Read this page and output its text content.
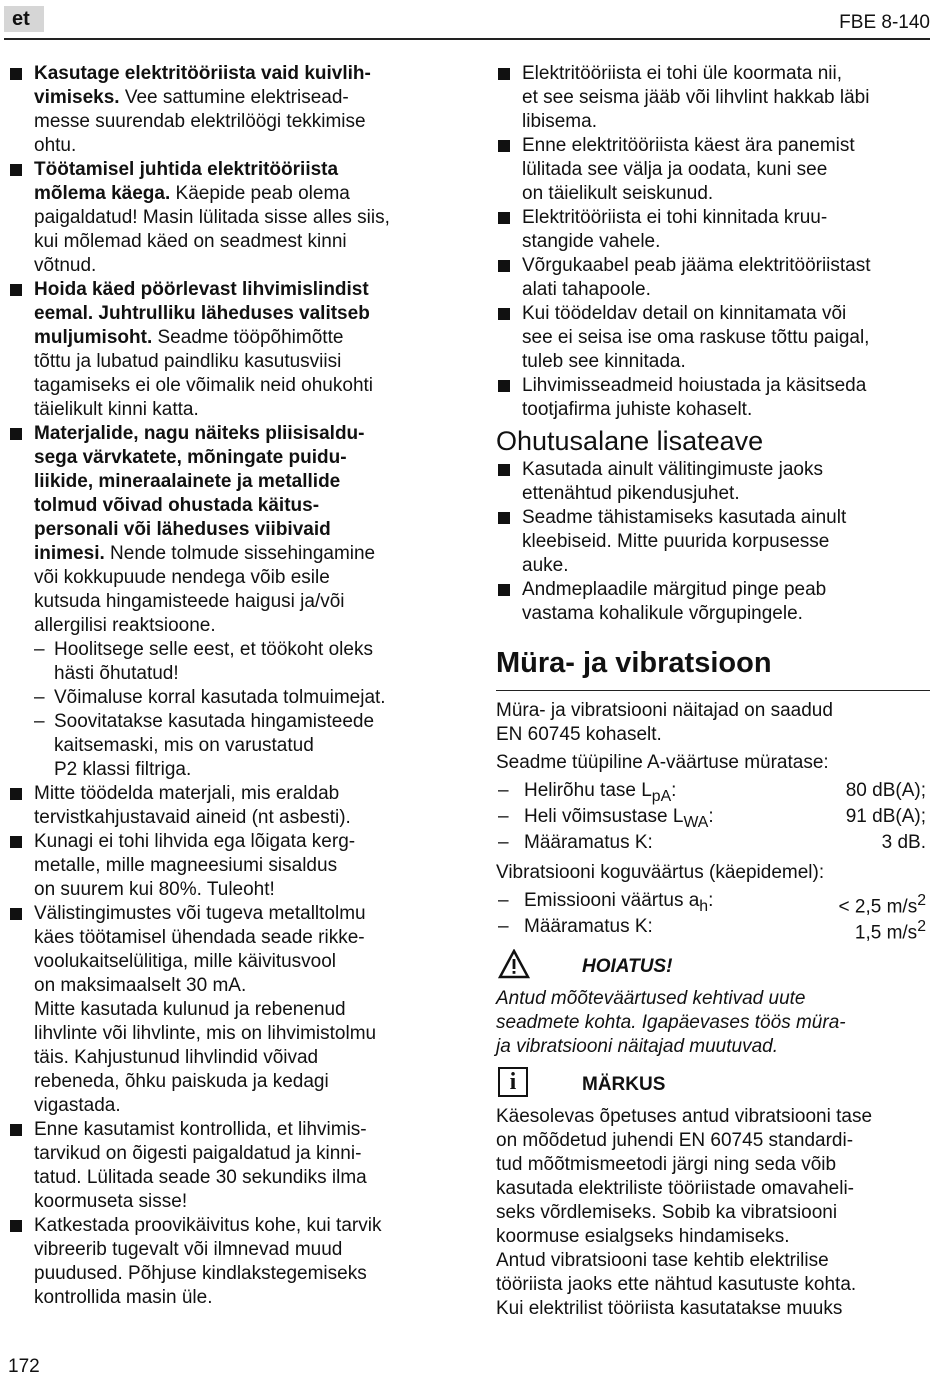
et	FBE 8-140
Kasutage elektritööriista vaid kuivlih-
vimiseks. Vee sattumine elektrisead-
messe suurendab elektrilöögi tekkimise
ohtu.
Töötamisel juhtida elektritööriista
mõlema käega. Käepide peab olema
paigaldatud! Masin lülitada sisse alles siis,
kui mõlemad käed on seadmest kinni
võtnud.
Hoida käed pöörlevast lihvimislindist
eemal. Juhtrulliku läheduses valitseb
muljumisoht. Seadme tööpõhimõtte
tõttu ja lubatud paindliku kasutusviisi
tagamiseks ei ole võimalik neid ohukohti
täielikult kinni katta.
Materjalide, nagu näiteks pliisisaldu-
sega värvkatete, mõningate puidu-
liikide, mineraalainete ja metallide
tolmud võivad ohustada käitus-
personali või läheduses viibivaid
inimesi. Nende tolmude sissehingamine
või kokkupuude nendega võib esile
kutsuda hingamisteede haigusi ja/või
allergilisi reaktsioone.
– Hoolitsege selle eest, et töökoht oleks
hästi õhutatud!
– Võimaluse korral kasutada tolmuimejat.
– Soovitatakse kasutada hingamisteede
kaitsemaski, mis on varustatud
P2 klassi filtriga.
Mitte töödelda materjali, mis eraldab
tervistkahjustavaid aineid (nt asbesti).
Kunagi ei tohi lihvida ega lõigata kerg-
metalle, mille magneesiumi sisaldus
on suurem kui 80%. Tuleoht!
Välistingimustes või tugeva metalltolmu
käes töötamisel ühendada seade rikke-
voolukaitselülitiga, mille käivitusvool
on maksimaalselt 30 mA.
Mitte kasutada kulunud ja rebenenud
lihvlinte või lihvlinte, mis on lihvimistolmu
täis. Kahjustunud lihvlindid võivad
rebeneda, õhku paiskuda ja kedagi
vigastada.
Enne kasutamist kontrollida, et lihvimis-
tarvikud on õigesti paigaldatud ja kinni-
tatud. Lülitada seade 30 sekundiks ilma
koormuseta sisse!
Katkestada proovikäivitus kohe, kui tarvik
vibreerib tugevalt või ilmnevad muud
puudused. Põhjuse kindlakstegemiseks
kontrollida masin üle.
Elektritööriista ei tohi üle koormata nii,
et see seisma jääb või lihvlint hakkab läbi
libisema.
Enne elektritööriista käest ära panemist
lülitada see välja ja oodata, kuni see
on täielikult seiskunud.
Elektritööriista ei tohi kinnitada kruu-
stangide vahele.
Võrgukaabel peab jääma elektritööriistast
alati tahapoole.
Kui töödeldav detail on kinnitamata või
see ei seisa ise oma raskuse tõttu paigal,
tuleb see kinnitada.
Lihvimisseadmeid hoiustada ja käsitseda
tootjafirma juhiste kohaselt.
Ohutusalane lisateave
Kasutada ainult välitingimuste jaoks
ettenähtud pikendusjuhet.
Seadme tähistamiseks kasutada ainult
kleebiseid. Mitte puurida korpusesse
auke.
Andmeplaadile märgitud pinge peab
vastama kohalikule võrgupingele.
Müra- ja vibratsioon
Müra- ja vibratsiooni näitajad on saadud
EN 60745 kohaselt.
Seadme tüüpiline A-väärtuse müratase:
– Helirõhu tase $L_{pA}$:	80 dB(A);
– Heli võimsustase $L_{WA}$:	91 dB(A);
– Määramatus K:	3 dB.
Vibratsiooni koguväärtus (käepidemel):
– Emissiooni väärtus $a_h$:	< 2,5 $m/s^2$
– Määramatus K:	1,5 $m/s^2$
HOIATUS!
Antud mõõteväärtused kehtivad uute
seadmete kohta. Igapäevases töös müra-
ja vibratsiooni näitajad muutuvad.
i	MÄRKUS
Käesolevas õpetuses antud vibratsiooni tase
on mõõdetud juhendi EN 60745 standardi-
tud mõõtmismeetodi järgi ning seda võib
kasutada elektriliste tööriistade omavaheli-
seks võrdlemiseks. Sobib ka vibratsiooni
koormuse esialgseks hindamiseks.
Antud vibratsiooni tase kehtib elektrilise
tööriista jaoks ette nähtud kasutuste kohta.
Kui elektrilist tööriista kasutatakse muuks
172
